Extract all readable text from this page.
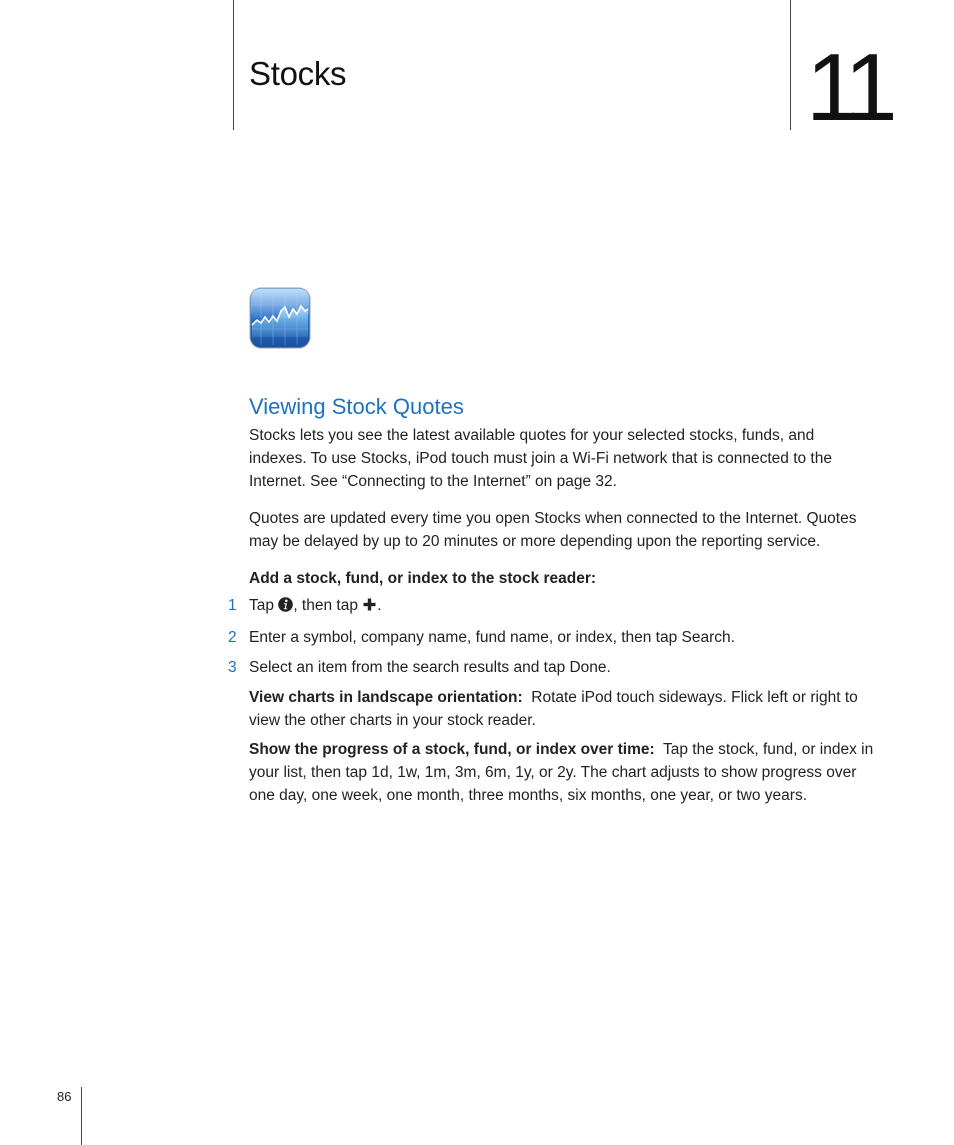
Stocks	11
Viewing Stock Quotes

Stocks lets you see the latest available quotes for your selected stocks, funds, and indexes. To use Stocks, iPod touch must join a Wi-Fi network that is connected to the Internet. See “Connecting to the Internet” on page 32.

Quotes are updated every time you open Stocks when connected to the Internet. Quotes may be delayed by up to 20 minutes or more depending upon the reporting service.

Add a stock, fund, or index to the stock reader:

1 Tap , then tap .
2 Enter a symbol, company name, fund name, or index, then tap Search.
3 Select an item from the search results and tap Done.

View charts in landscape orientation: Rotate iPod touch sideways. Flick left or right to view the other charts in your stock reader.

Show the progress of a stock, fund, or index over time: Tap the stock, fund, or index in your list, then tap 1d, 1w, 1m, 3m, 6m, 1y, or 2y. The chart adjusts to show progress over one day, one week, one month, three months, six months, one year, or two years.

86
